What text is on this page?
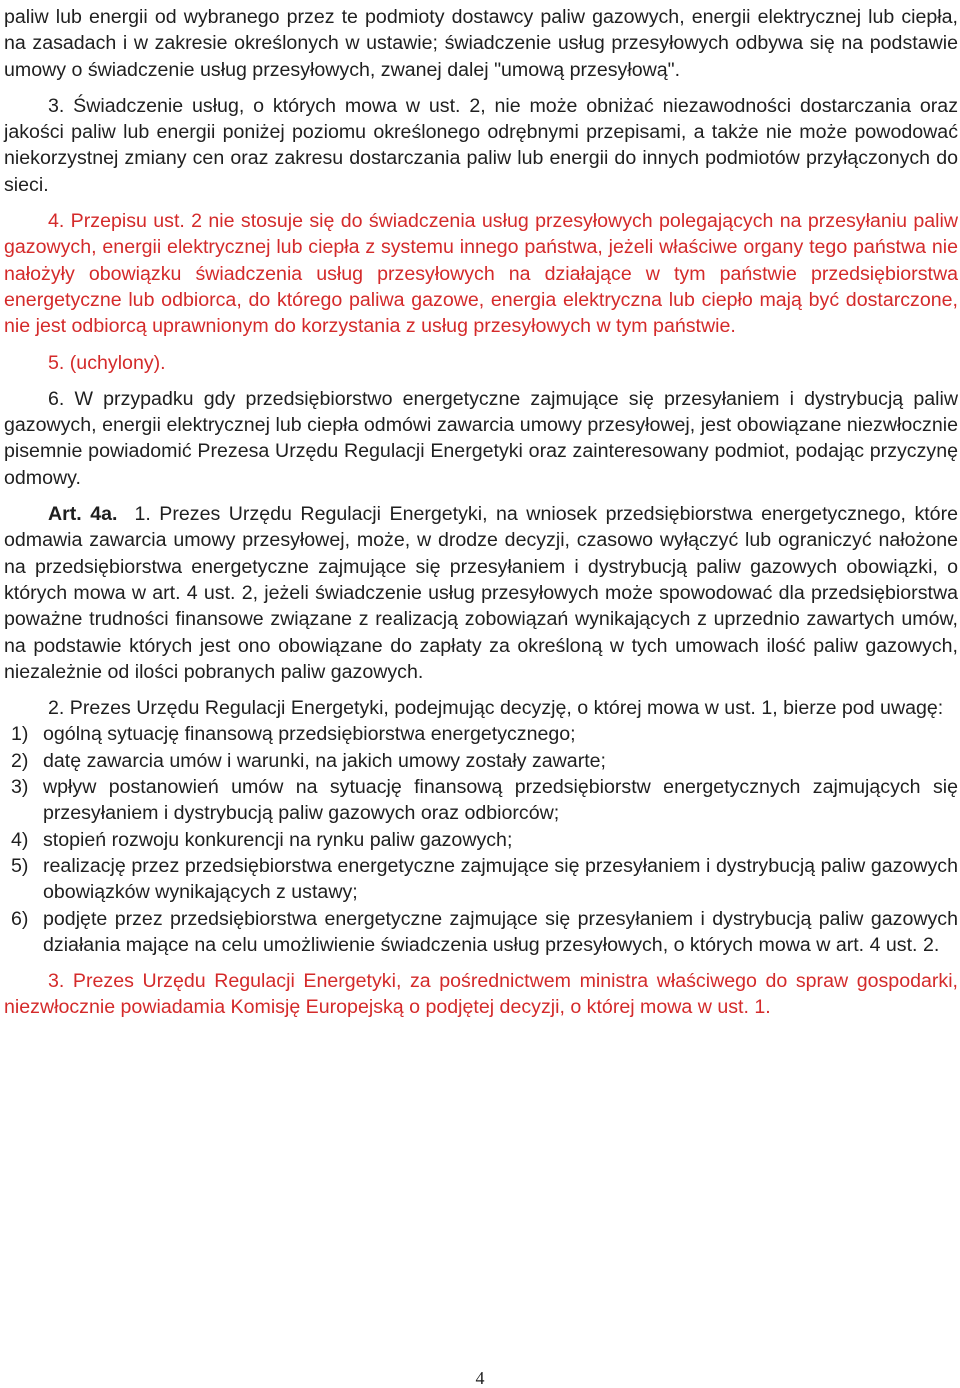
paliw lub energii od wybranego przez te podmioty dostawcy paliw gazowych, energii elektrycznej lub ciepła, na zasadach i w zakresie określonych w ustawie; świadczenie usług przesyłowych odbywa się na podstawie umowy o świadczenie usług przesyłowych, zwanej dalej "umową przesyłową".

3. Świadczenie usług, o których mowa w ust. 2, nie może obniżać niezawodności dostarczania oraz jakości paliw lub energii poniżej poziomu określonego odrębnymi przepisami, a także nie może powodować niekorzystnej zmiany cen oraz zakresu dostarczania paliw lub energii do innych podmiotów przyłączonych do sieci.

4. Przepisu ust. 2 nie stosuje się do świadczenia usług przesyłowych polegających na przesyłaniu paliw gazowych, energii elektrycznej lub ciepła z systemu innego państwa, jeżeli właściwe organy tego państwa nie nałożyły obowiązku świadczenia usług przesyłowych na działające w tym państwie przedsiębiorstwa energetyczne lub odbiorca, do którego paliwa gazowe, energia elektryczna lub ciepło mają być dostarczone, nie jest odbiorcą uprawnionym do korzystania z usług przesyłowych w tym państwie.

5. (uchylony).

6. W przypadku gdy przedsiębiorstwo energetyczne zajmujące się przesyłaniem i dystrybucją paliw gazowych, energii elektrycznej lub ciepła odmówi zawarcia umowy przesyłowej, jest obowiązane niezwłocznie pisemnie powiadomić Prezesa Urzędu Regulacji Energetyki oraz zainteresowany podmiot, podając przyczynę odmowy.

Art. 4a. 1. Prezes Urzędu Regulacji Energetyki, na wniosek przedsiębiorstwa energetycznego, które odmawia zawarcia umowy przesyłowej, może, w drodze decyzji, czasowo wyłączyć lub ograniczyć nałożone na przedsiębiorstwa energetyczne zajmujące się przesyłaniem i dystrybucją paliw gazowych obowiązki, o których mowa w art. 4 ust. 2, jeżeli świadczenie usług przesyłowych może spowodować dla przedsiębiorstwa poważne trudności finansowe związane z realizacją zobowiązań wynikających z uprzednio zawartych umów, na podstawie których jest ono obowiązane do zapłaty za określoną w tych umowach ilość paliw gazowych, niezależnie od ilości pobranych paliw gazowych.

2. Prezes Urzędu Regulacji Energetyki, podejmując decyzję, o której mowa w ust. 1, bierze pod uwagę:

1) ogólną sytuację finansową przedsiębiorstwa energetycznego;
2) datę zawarcia umów i warunki, na jakich umowy zostały zawarte;
3) wpływ postanowień umów na sytuację finansową przedsiębiorstw energetycznych zajmujących się przesyłaniem i dystrybucją paliw gazowych oraz odbiorców;
4) stopień rozwoju konkurencji na rynku paliw gazowych;
5) realizację przez przedsiębiorstwa energetyczne zajmujące się przesyłaniem i dystrybucją paliw gazowych obowiązków wynikających z ustawy;
6) podjęte przez przedsiębiorstwa energetyczne zajmujące się przesyłaniem i dystrybucją paliw gazowych działania mające na celu umożliwienie świadczenia usług przesyłowych, o których mowa w art. 4 ust. 2.

3. Prezes Urzędu Regulacji Energetyki, za pośrednictwem ministra właściwego do spraw gospodarki, niezwłocznie powiadamia Komisję Europejską o podjętej decyzji, o której mowa w ust. 1.

4
